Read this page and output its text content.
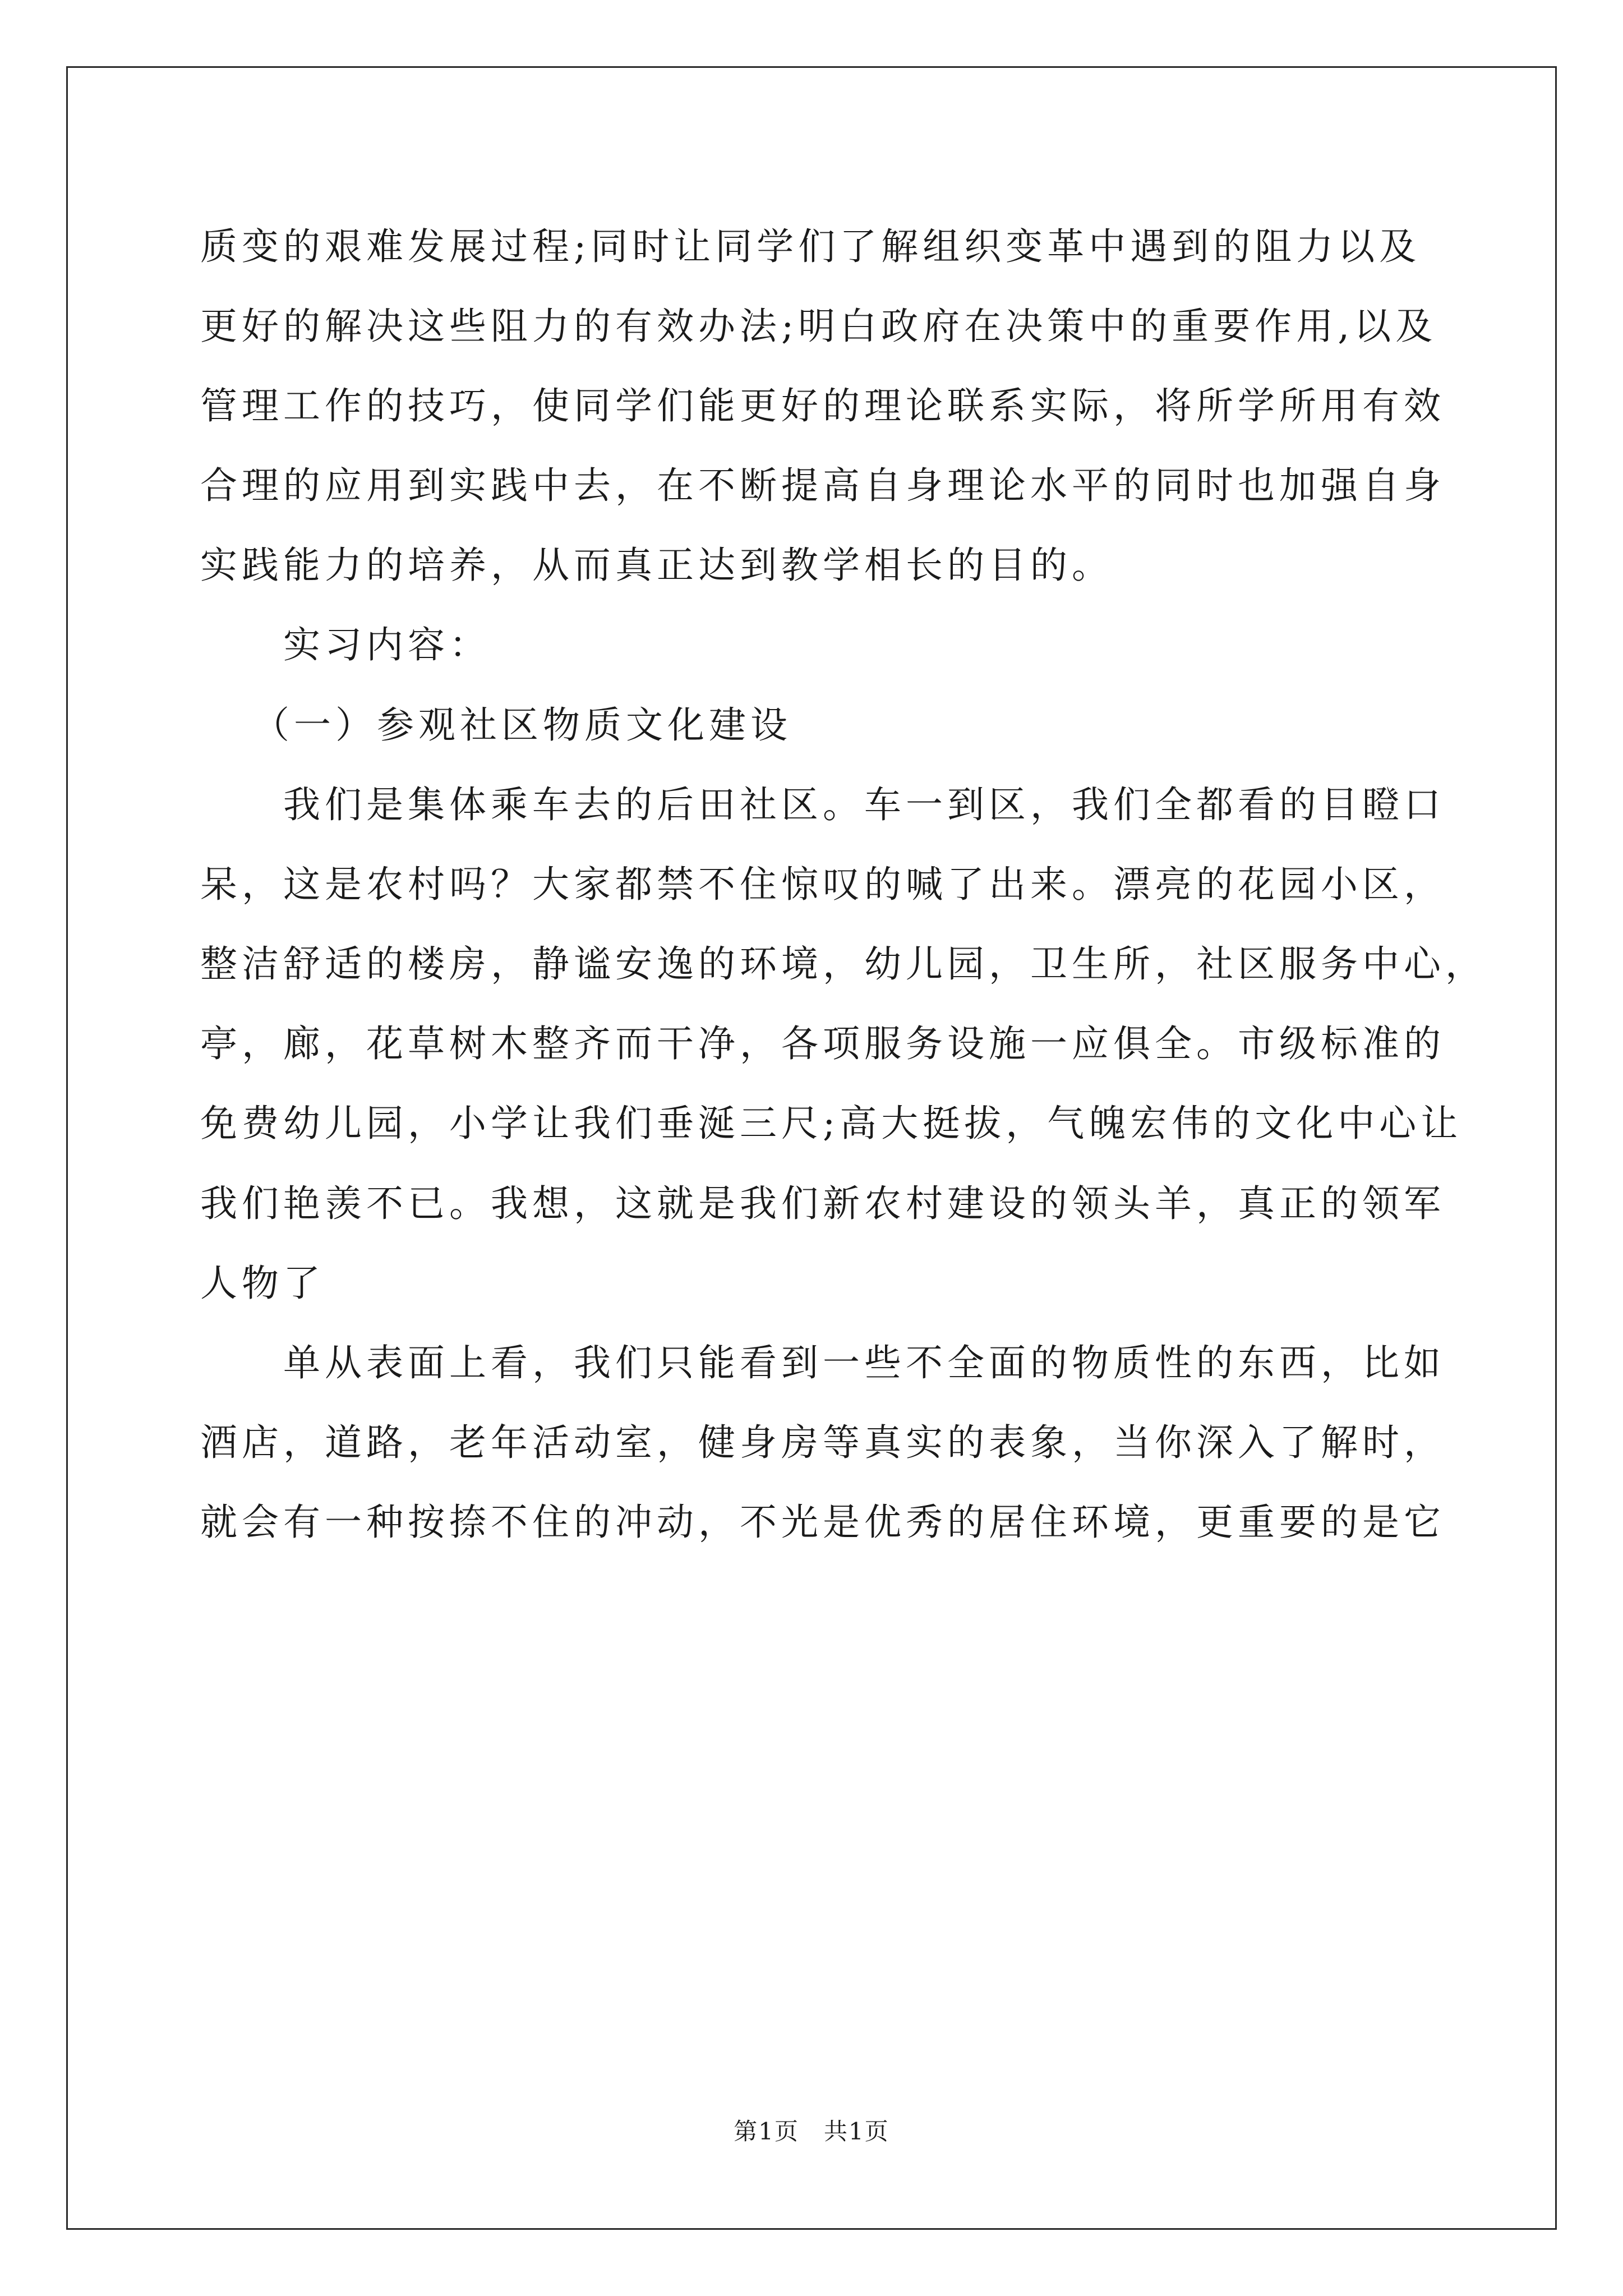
质变的艰难发展过程;同时让同学们了解组织变革中遇到的阻力以及
更好的解决这些阻力的有效办法;明白政府在决策中的重要作用,以及
管理工作的技巧，使同学们能更好的理论联系实际，将所学所用有效
合理的应用到实践中去，在不断提高自身理论水平的同时也加强自身
实践能力的培养，从而真正达到教学相长的目的。
实习内容：
（一）参观社区物质文化建设
我们是集体乘车去的后田社区。车一到区，我们全都看的目瞪口
呆，这是农村吗？大家都禁不住惊叹的喊了出来。漂亮的花园小区，
整洁舒适的楼房，静谧安逸的环境，幼儿园，卫生所，社区服务中心，
亭，廊，花草树木整齐而干净，各项服务设施一应俱全。市级标准的
免费幼儿园，小学让我们垂涎三尺;高大挺拔，气魄宏伟的文化中心让
我们艳羡不已。我想，这就是我们新农村建设的领头羊，真正的领军
人物了
单从表面上看，我们只能看到一些不全面的物质性的东西，比如
酒店，道路，老年活动室，健身房等真实的表象，当你深入了解时，
就会有一种按捺不住的冲动，不光是优秀的居住环境，更重要的是它
第1页　共1页
